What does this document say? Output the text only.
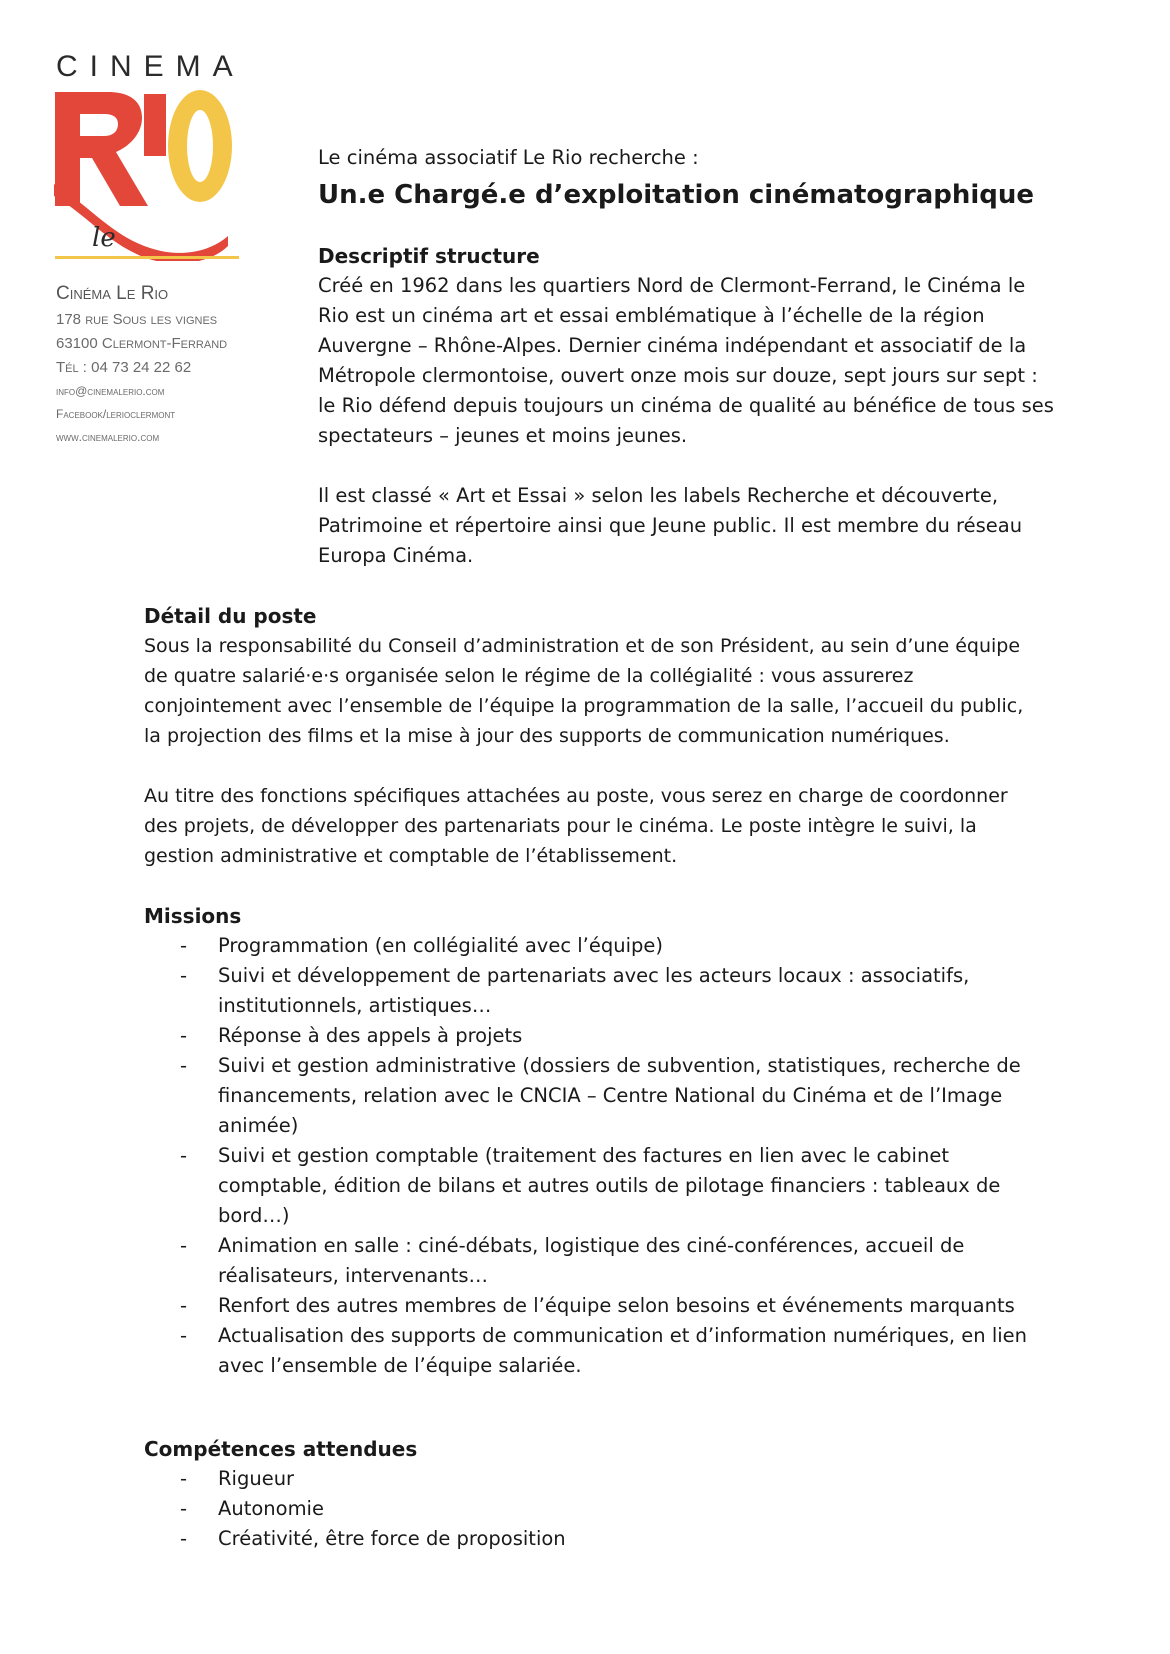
CINEMA
le
Cinéma Le Rio
178 rue Sous les vignes
63100 Clermont-Ferrand
Tél : 04 73 24 22 62
info@cinemalerio.com
Facebook/lerioclermont
www.cinemalerio.com

Le cinéma associatif Le Rio recherche :

Un.e Chargé.e d’exploitation cinématographique
Descriptif structure
Créé en 1962 dans les quartiers Nord de Clermont-Ferrand, le Cinéma le
Rio est un cinéma art et essai emblématique à l’échelle de la région
Auvergne – Rhône-Alpes. Dernier cinéma indépendant et associatif de la
Métropole clermontoise, ouvert onze mois sur douze, sept jours sur sept :
le Rio défend depuis toujours un cinéma de qualité au bénéfice de tous ses
spectateurs – jeunes et moins jeunes.
Il est classé « Art et Essai » selon les labels Recherche et découverte,
Patrimoine et répertoire ainsi que Jeune public. Il est membre du réseau
Europa Cinéma.
Détail du poste
Sous la responsabilité du Conseil d’administration et de son Président, au sein d’une équipe
de quatre salarié·e·s organisée selon le régime de la collégialité : vous assurerez
conjointement avec l’ensemble de l’équipe la programmation de la salle, l’accueil du public,
la projection des films et la mise à jour des supports de communication numériques.
Au titre des fonctions spécifiques attachées au poste, vous serez en charge de coordonner
des projets, de développer des partenariats pour le cinéma. Le poste intègre le suivi, la
gestion administrative et comptable de l’établissement.
Missions
- Programmation (en collégialité avec l’équipe)
- Suivi et développement de partenariats avec les acteurs locaux : associatifs,
institutionnels, artistiques…
- Réponse à des appels à projets
- Suivi et gestion administrative (dossiers de subvention, statistiques, recherche de
financements, relation avec le CNCIA – Centre National du Cinéma et de l’Image
animée)
- Suivi et gestion comptable (traitement des factures en lien avec le cabinet
comptable, édition de bilans et autres outils de pilotage financiers : tableaux de
bord…)
- Animation en salle : ciné-débats, logistique des ciné-conférences, accueil de
réalisateurs, intervenants…
- Renfort des autres membres de l’équipe selon besoins et événements marquants
- Actualisation des supports de communication et d’information numériques, en lien
avec l’ensemble de l’équipe salariée.
Compétences attendues
- Rigueur
- Autonomie
- Créativité, être force de proposition
